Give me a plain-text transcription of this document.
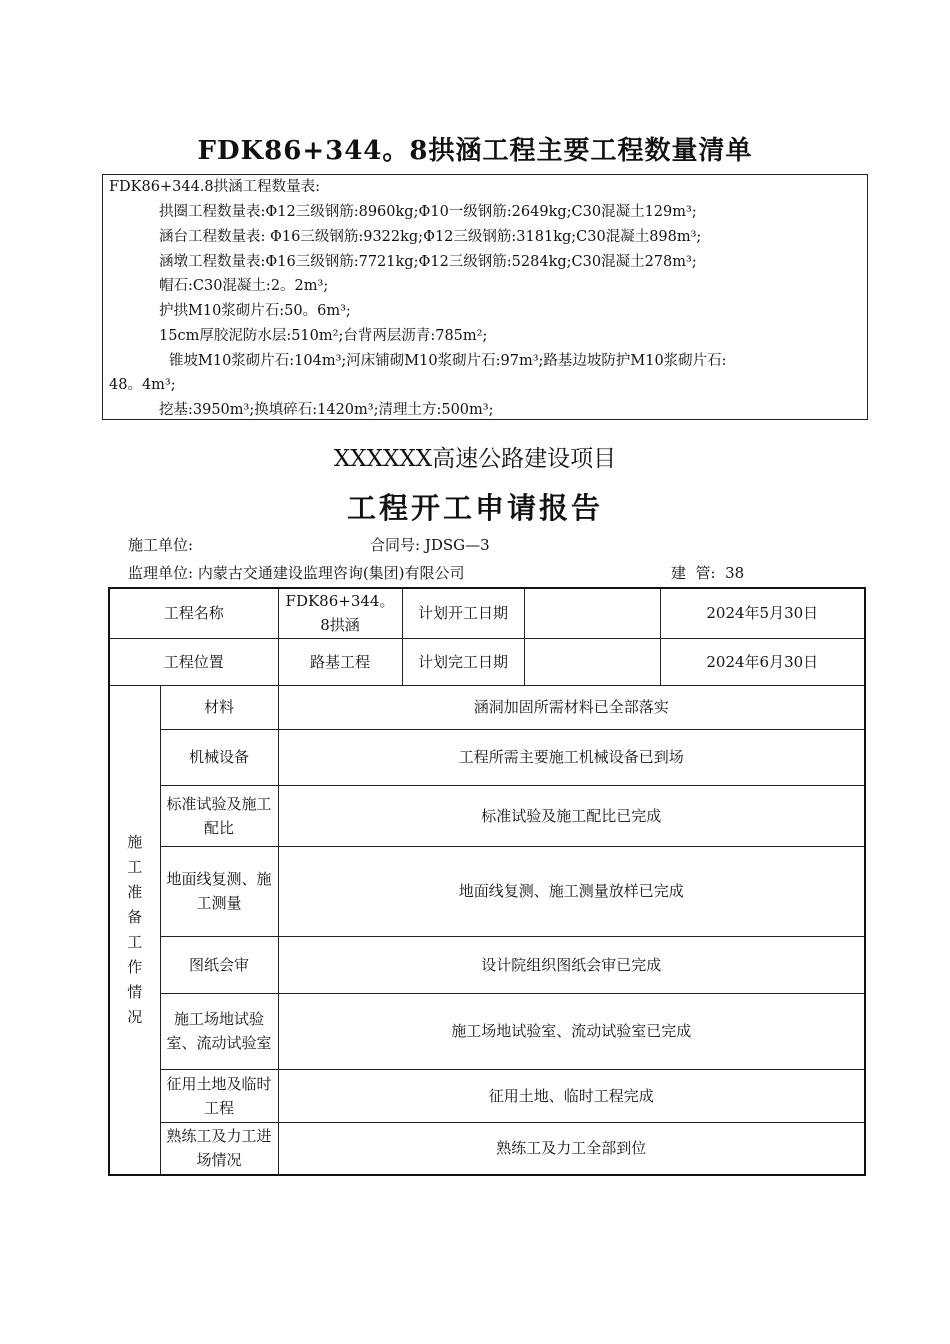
FDK86+344。8拱涵工程主要工程数量清单
FDK86+344.8拱涵工程数量表:
拱圈工程数量表:Φ12三级钢筋:8960kg;Φ10一级钢筋:2649kg;C30混凝土129m³;
涵台工程数量表: Φ16三级钢筋:9322kg;Φ12三级钢筋:3181kg;C30混凝土898m³;
涵墩工程数量表:Φ16三级钢筋:7721kg;Φ12三级钢筋:5284kg;C30混凝土278m³;
帽石:C30混凝土:2。2m³;
护拱M10浆砌片石:50。6m³;
15cm厚胶泥防水层:510m²;台背两层沥青:785m²;
锥坡M10浆砌片石:104m³;河床铺砌M10浆砌片石:97m³;路基边坡防护M10浆砌片石:
48。4m³;
挖基:3950m³;换填碎石:1420m³;清理土方:500m³;
XXXXXX高速公路建设项目
工程开工申请报告
施工单位:	合同号: JDSG—3
监理单位: 内蒙古交通建设监理咨询(集团)有限公司	建  管:  38
工程名称		FDK86+344。8拱涵	计划开工日期		2024年5月30日
工程位置		路基工程	计划完工日期		2024年6月30日
施工准备工作情况	材料	涵洞加固所需材料已全部落实			
	机械设备	工程所需主要施工机械设备已到场			
	标准试验及施工配比	标准试验及施工配比已完成			
	地面线复测、施工测量	地面线复测、施工测量放样已完成			
	图纸会审	设计院组织图纸会审已完成			
	施工场地试验室、流动试验室	施工场地试验室、流动试验室已完成			
	征用土地及临时工程	征用土地、临时工程完成			
	熟练工及力工进场情况	熟练工及力工全部到位			
